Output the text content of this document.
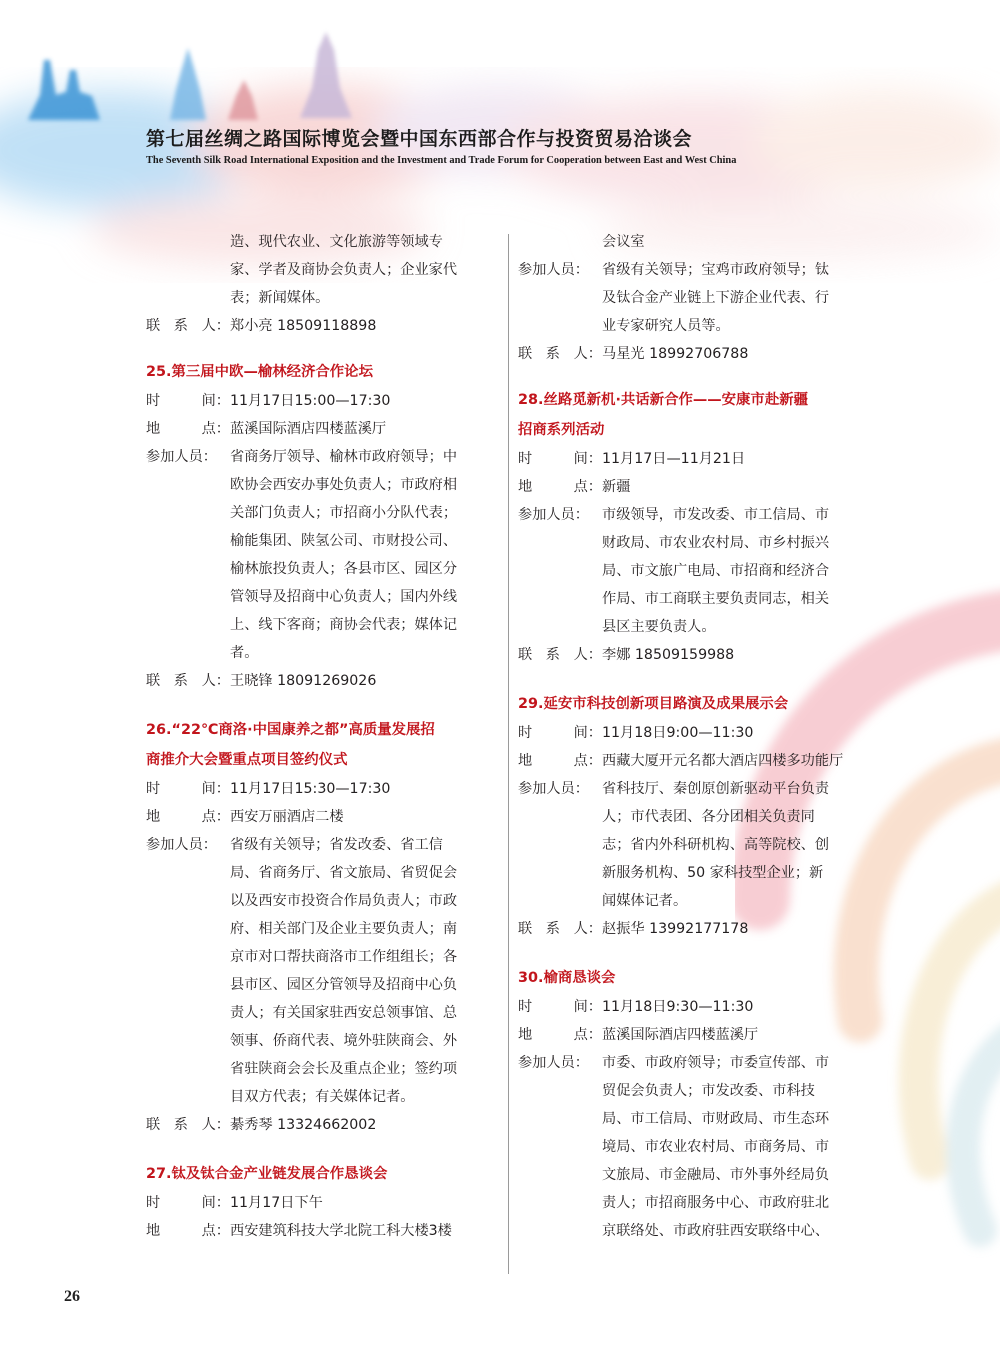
第七届丝绸之路国际博览会暨中国东西部合作与投资贸易洽谈会
The Seventh Silk Road International Exposition and the Investment and Trade Forum for Cooperation between East and West China
造、现代农业、文化旅游等领域专
家、学者及商协会负责人；企业家代
表；新闻媒体。
联 系 人： 郑小亮 18509118898
25.第三届中欧—榆林经济合作论坛
时	间： 11月17日15:00—17:30
地	点： 蓝溪国际酒店四楼蓝溪厅
参加人员： 省商务厅领导、榆林市政府领导；中
欧协会西安办事处负责人；市政府相
关部门负责人；市招商小分队代表；
榆能集团、陕氢公司、市财投公司、
榆林旅投负责人；各县市区、园区分
管领导及招商中心负责人；国内外线
上、线下客商；商协会代表；媒体记
者。
联 系 人： 王晓锋 18091269026
26.“22℃商洛·中国康养之都”高质量发展招
商推介大会暨重点项目签约仪式
时	间： 11月17日15:30—17:30
地	点： 西安万丽酒店二楼
参加人员： 省级有关领导；省发改委、省工信
局、省商务厅、省文旅局、省贸促会
以及西安市投资合作局负责人；市政
府、相关部门及企业主要负责人；南
京市对口帮扶商洛市工作组组长；各
县市区、园区分管领导及招商中心负
责人；有关国家驻西安总领事馆、总
领事、侨商代表、境外驻陕商会、外
省驻陕商会会长及重点企业；签约项
目双方代表；有关媒体记者。
联 系 人： 綦秀琴 13324662002
27.钛及钛合金产业链发展合作恳谈会
时	间： 11月17日下午
地	点： 西安建筑科技大学北院工科大楼3楼
会议室
参加人员： 省级有关领导；宝鸡市政府领导；钛
及钛合金产业链上下游企业代表、行
业专家研究人员等。
联 系 人： 马星光 18992706788
28.丝路觅新机·共话新合作——安康市赴新疆
招商系列活动
时	间： 11月17日—11月21日
地	点： 新疆
参加人员： 市级领导，市发改委、市工信局、市
财政局、市农业农村局、市乡村振兴
局、市文旅广电局、市招商和经济合
作局、市工商联主要负责同志，相关
县区主要负责人。
联 系 人： 李娜 18509159988
29.延安市科技创新项目路演及成果展示会
时	间： 11月18日9:00—11:30
地	点： 西藏大厦开元名都大酒店四楼多功能厅
参加人员： 省科技厅、秦创原创新驱动平台负责
人；市代表团、各分团相关负责同
志；省内外科研机构、高等院校、创
新服务机构、50 家科技型企业；新
闻媒体记者。
联 系 人： 赵振华 13992177178
30.榆商恳谈会
时	间： 11月18日9:30—11:30
地	点： 蓝溪国际酒店四楼蓝溪厅
参加人员： 市委、市政府领导；市委宣传部、市
贸促会负责人；市发改委、市科技
局、市工信局、市财政局、市生态环
境局、市农业农村局、市商务局、市
文旅局、市金融局、市外事外经局负
责人；市招商服务中心、市政府驻北
京联络处、市政府驻西安联络中心、
26
